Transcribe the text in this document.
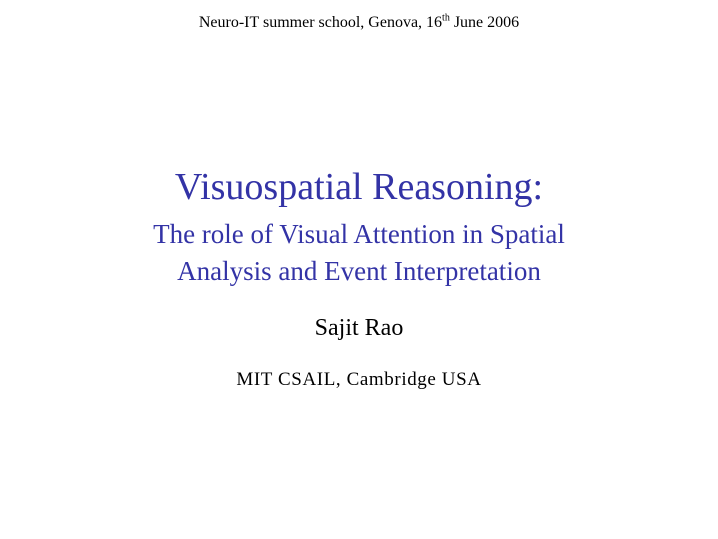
Neuro-IT summer school, Genova, 16th June 2006
Visuospatial Reasoning:
The role of Visual Attention in Spatial
Analysis and Event Interpretation
Sajit Rao
MIT CSAIL, Cambridge USA
